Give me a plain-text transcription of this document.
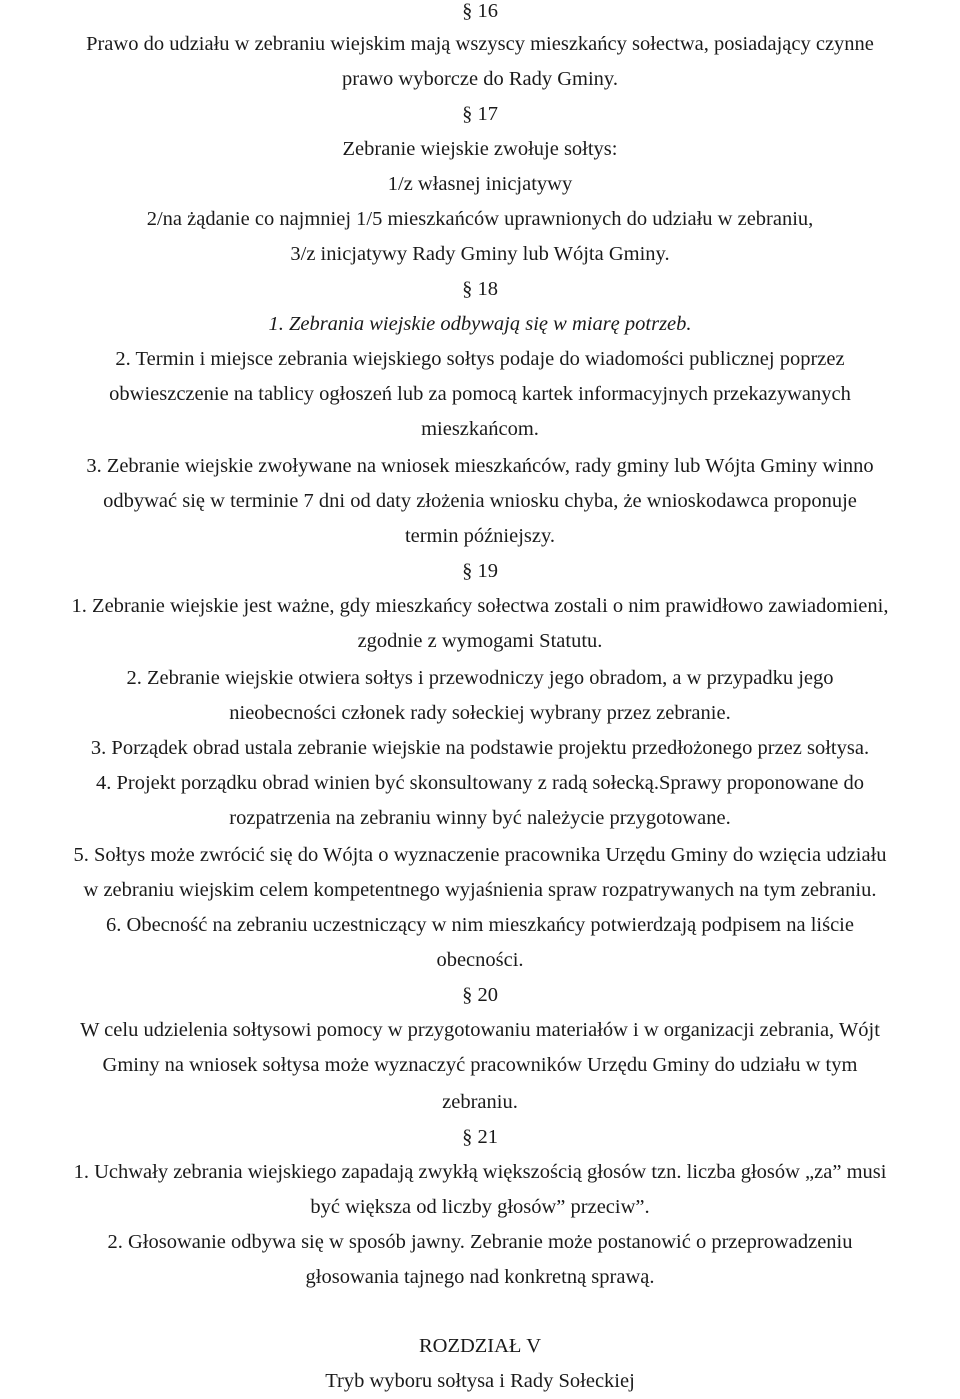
§ 16
Prawo do udziału w zebraniu wiejskim mają wszyscy mieszkańcy sołectwa, posiadający czynne
prawo wyborcze do Rady Gminy.
§ 17
Zebranie wiejskie zwołuje sołtys:
1/z własnej inicjatywy
2/na żądanie co najmniej 1/5 mieszkańców uprawnionych do udziału w zebraniu,
3/z inicjatywy Rady Gminy lub Wójta Gminy.
§ 18
1. Zebrania wiejskie odbywają się w miarę potrzeb.
2. Termin i miejsce zebrania wiejskiego sołtys podaje do wiadomości publicznej poprzez
obwieszczenie na tablicy ogłoszeń lub za pomocą kartek informacyjnych przekazywanych
mieszkańcom.
3. Zebranie wiejskie zwoływane na wniosek mieszkańców, rady gminy lub Wójta Gminy winno
odbywać się w terminie 7 dni od daty złożenia wniosku chyba, że wnioskodawca proponuje
termin późniejszy.
§ 19
1. Zebranie wiejskie jest ważne, gdy mieszkańcy sołectwa zostali o nim prawidłowo zawiadomieni,
zgodnie z wymogami Statutu.
2. Zebranie wiejskie otwiera sołtys i przewodniczy jego obradom, a w przypadku jego
nieobecności członek rady sołeckiej wybrany przez zebranie.
3. Porządek obrad ustala zebranie wiejskie na podstawie projektu przedłożonego przez sołtysa.
4. Projekt porządku obrad winien być skonsultowany z radą sołecką.Sprawy proponowane do
rozpatrzenia na zebraniu winny być należycie przygotowane.
5. Sołtys może zwrócić się do Wójta o wyznaczenie pracownika Urzędu Gminy do wzięcia udziału
w zebraniu wiejskim celem kompetentnego wyjaśnienia spraw rozpatrywanych na tym zebraniu.
6. Obecność na zebraniu uczestniczący w nim mieszkańcy potwierdzają podpisem na liście
obecności.
§ 20
W celu udzielenia sołtysowi pomocy w przygotowaniu materiałów i w organizacji zebrania, Wójt
Gminy na wniosek sołtysa może wyznaczyć pracowników Urzędu Gminy do udziału w tym
zebraniu.
§ 21
1. Uchwały zebrania wiejskiego zapadają zwykłą większością głosów tzn. liczba głosów „za” musi
być większa od liczby głosów” przeciw”.
2. Głosowanie odbywa się w sposób jawny. Zebranie może postanowić o przeprowadzeniu
głosowania tajnego nad konkretną sprawą.
ROZDZIAŁ V
Tryb wyboru sołtysa i Rady Sołeckiej
